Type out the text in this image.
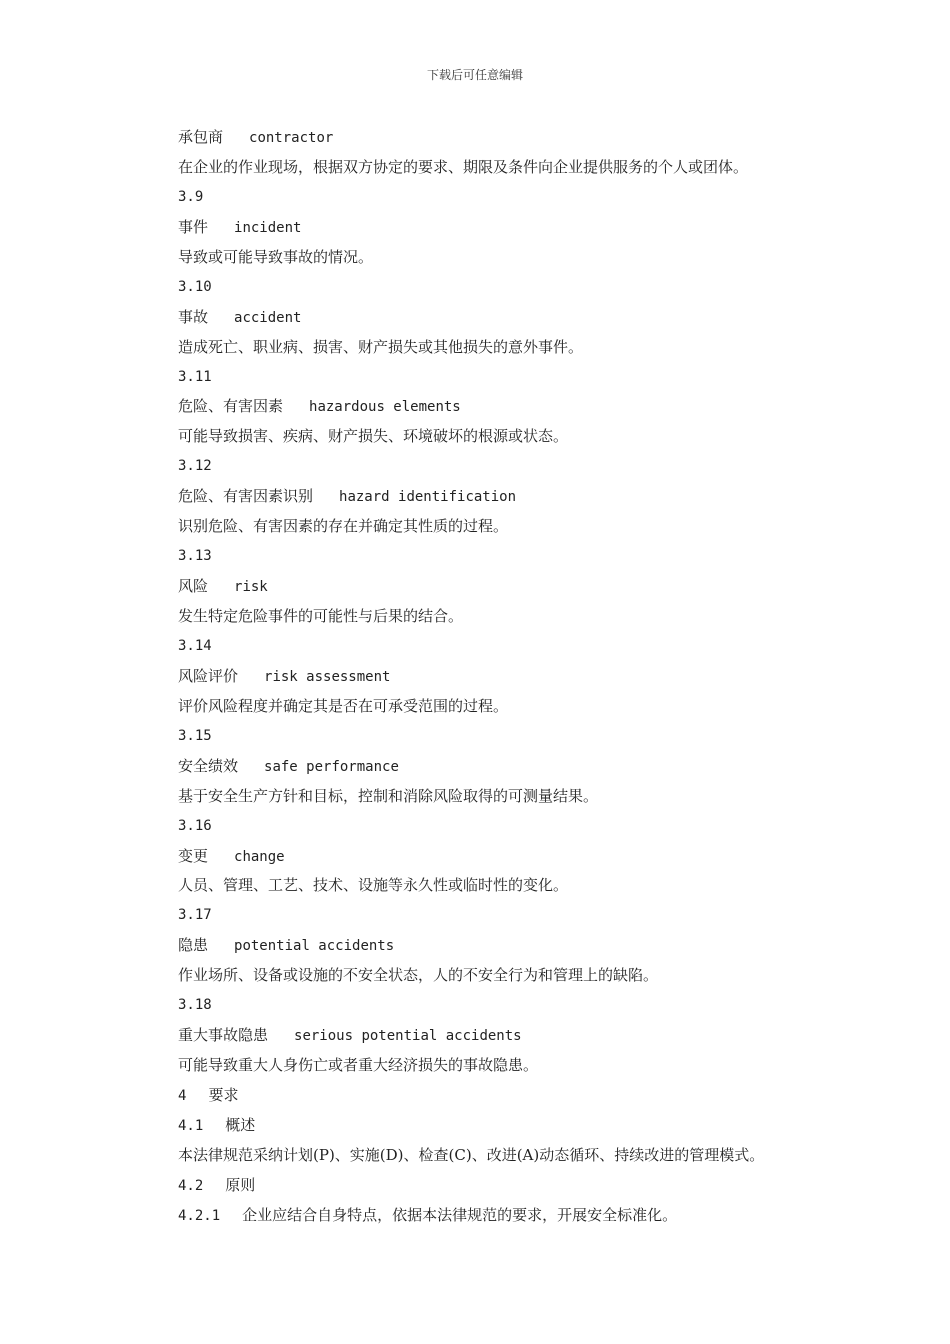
下载后可任意编辑
承包商 contractor
在企业的作业现场，根据双方协定的要求、期限及条件向企业提供服务的个人或团体。
3.9
事件 incident
导致或可能导致事故的情况。
3.10
事故 accident
造成死亡、职业病、损害、财产损失或其他损失的意外事件。
3.11
危险、有害因素 hazardous elements
可能导致损害、疾病、财产损失、环境破坏的根源或状态。
3.12
危险、有害因素识别 hazard identification
识别危险、有害因素的存在并确定其性质的过程。
3.13
风险 risk
发生特定危险事件的可能性与后果的结合。
3.14
风险评价 risk assessment
评价风险程度并确定其是否在可承受范围的过程。
3.15
安全绩效 safe performance
基于安全生产方针和目标，控制和消除风险取得的可测量结果。
3.16
变更 change
人员、管理、工艺、技术、设施等永久性或临时性的变化。
3.17
隐患 potential accidents
作业场所、设备或设施的不安全状态，人的不安全行为和管理上的缺陷。
3.18
重大事故隐患 serious potential accidents
可能导致重大人身伤亡或者重大经济损失的事故隐患。
4 要求
4.1 概述
本法律规范采纳计划(P)、实施(D)、检查(C)、改进(A)动态循环、持续改进的管理模式。
4.2 原则
4.2.1 企业应结合自身特点，依据本法律规范的要求，开展安全标准化。
